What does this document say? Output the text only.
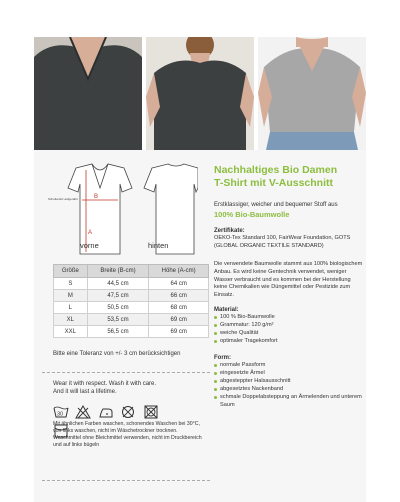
B
A
Schultersitz aufgenäht
vorne	hinten
Größe	Breite (B-cm)	Höhe (A-cm)
S	44,5 cm	64 cm
M	47,5 cm	66 cm
L	50,5 cm	68 cm
XL	53,5 cm	69 cm
XXL	56,5 cm	69 cm
Bitte eine Toleranz von +/- 3 cm berücksichtigen
Wear it with respect. Wash it with care.
And it will last a lifetime.
30

Mit ähnlichen Farben waschen, schonendes Waschen bei 30°C, von links waschen, nicht im Wäschetrockner trocknen. Waschmittel ohne Bleichmittel verwenden, nicht im Druckbereich und auf links bügeln
Nachhaltiges Bio Damen
T-Shirt mit V-Ausschnitt
Erstklassiger, weicher und bequemer Stoff aus
100% Bio-Baumwolle
Zertifikate:
OEKO-Tex Standard 100, FairWear Foundation, GOTS (GLOBAL ORGANIC TEXTILE STANDARD)
Die verwendete Baumwolle stammt aus 100% biologischem Anbau. Es wird keine Gentechnik verwendet, weniger Wasser verbraucht und es kommen bei der Herstellung keine Chemikalien wie Düngemittel oder Pestizide zum Einsatz.
Material:
100 % Bio-Baumwolle
Grammatur: 120 g/m²
weiche Qualität
optimaler Tragekomfort
Form:
normale Passform
eingesetzte Ärmel
abgesteppter Halsausschnitt
abgesetztes Nackenband
schmale Doppelabsteppung an Ärmelenden und unterem Saum
